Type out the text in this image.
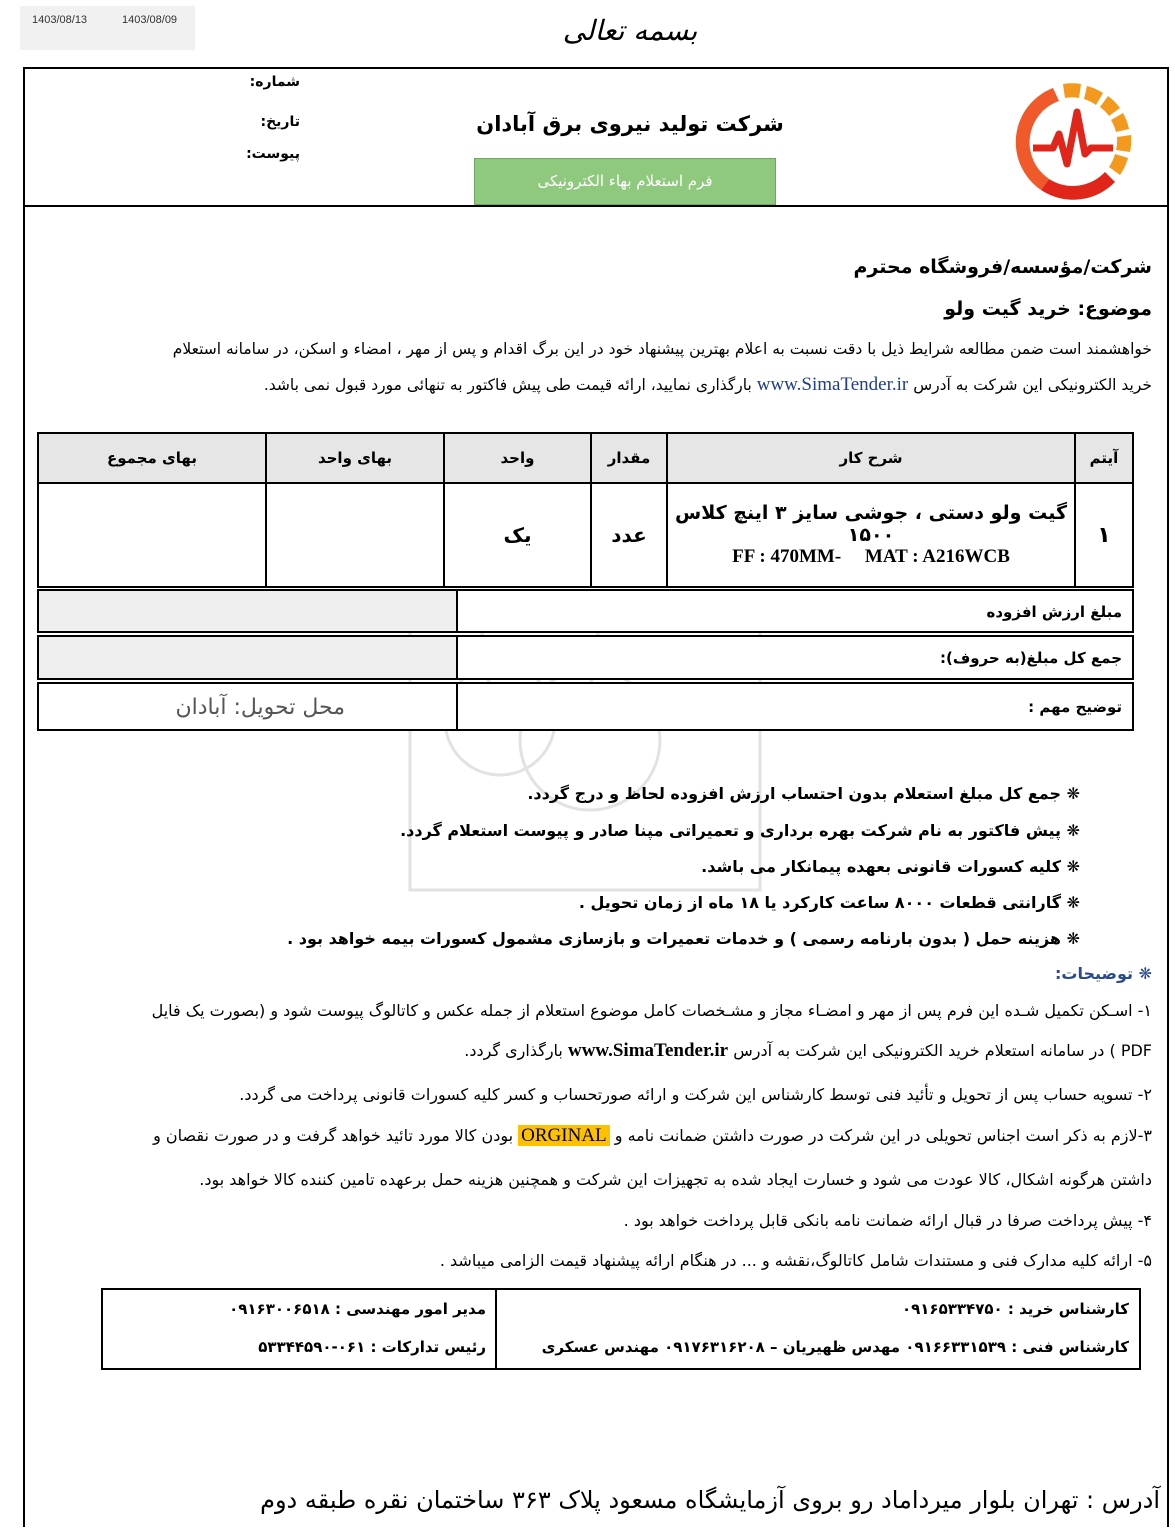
1403/08/13	1403/08/09	بسمه تعالی
شرکت تولید نیروی برق آبادان
فرم استعلام بهاء الکترونیکی
شماره:
تاریخ:
پیوست:
شرکت/مؤسسه/فروشگاه محترم
موضوع: خرید گیت ولو
خواهشمند است ضمن مطالعه شرایط ذیل با دقت نسبت به اعلام بهترین پیشنهاد خود در این برگ اقدام و پس از مهر ، امضاء و اسکن، در سامانه استعلام
خرید الکترونیکی این شرکت به آدرس www.SimaTender.ir بارگذاری نمایید، ارائه قیمت طی پیش فاکتور به تنهائی مورد قبول نمی باشد.
آیتم	شرح کار	مقدار	واحد	بهای واحد	بهای مجموع
۱	گیت ولو دستی ، جوشی سایز ۳ اینچ کلاس ۱۵۰۰
FF : 470MM-     MAT : A216WCB	عدد	یک		
مبلغ ارزش افزوده
جمع کل مبلغ(به حروف):
توضیح مهم :
محل تحویل: آبادان
❋ جمع کل مبلغ استعلام بدون احتساب ارزش افزوده لحاظ و درج گردد.
❋ پیش فاکتور به نام شرکت بهره برداری و تعمیراتی مپنا صادر و پیوست استعلام گردد.
❋ کلیه کسورات قانونی بعهده پیمانکار می باشد.
❋ گارانتی قطعات ۸۰۰۰ ساعت کارکرد یا ۱۸ ماه از زمان تحویل .
❋ هزینه حمل ( بدون بارنامه رسمی ) و خدمات تعمیرات و بازسازی مشمول کسورات بیمه خواهد بود .
❋ توضیحات:
۱- اسـکن تکمیل شـده این فرم پس از مهر و امضـاء مجاز و مشـخصات کامل موضوع استعلام از جمله عکس و کاتالوگ پیوست شود و (بصورت یک فایل
PDF ) در سامانه استعلام خرید الکترونیکی این شرکت به آدرس www.SimaTender.ir بارگذاری گردد.
۲- تسویه حساب پس از تحویل و تأئید فنی توسط کارشناس این شرکت و ارائه صورتحساب و کسر کلیه کسورات قانونی پرداخت می گردد.
۳-لازم به ذکر است اجناس تحویلی در این شرکت در صورت داشتن ضمانت نامه و ORGINAL بودن کالا مورد تائید خواهد گرفت و در صورت نقصان و
داشتن هرگونه اشکال، کالا عودت می شود و خسارت ایجاد شده به تجهیزات این شرکت و همچنین هزینه حمل برعهده تامین کننده کالا خواهد بود.
۴- پیش پرداخت صرفا در قبال ارائه ضمانت نامه بانکی قابل پرداخت خواهد بود .
۵- ارائه کلیه مدارک فنی و مستندات شامل کاتالوگ،نقشه و ... در هنگام ارائه پیشنهاد قیمت الزامی میباشد .
کارشناس خرید : ۰۹۱۶۵۳۳۴۷۵۰
کارشناس فنی : ۰۹۱۶۶۳۳۱۵۳۹ مهدس ظهیریان – ۰۹۱۷۶۳۱۶۲۰۸ مهندس عسکری
مدیر امور مهندسی : ۰۹۱۶۳۰۰۶۵۱۸
رئیس تدارکات : ۰۶۱-۵۳۳۴۴۵۹۰
آدرس : تهران بلوار میرداماد رو بروی آزمایشگاه مسعود پلاک ۳۶۳ ساختمان نقره طبقه دوم
